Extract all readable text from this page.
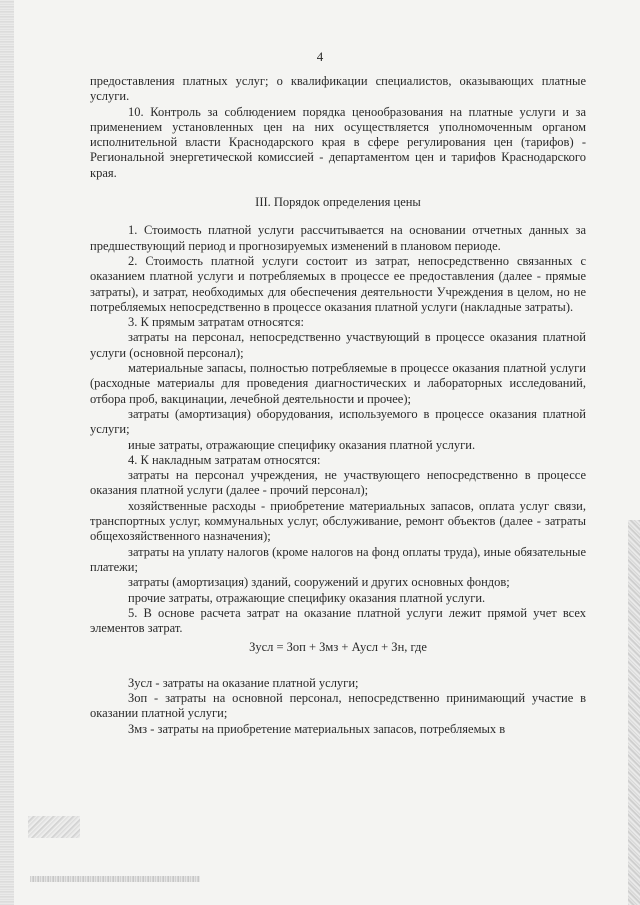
4

предоставления платных услуг; о квалификации специалистов, оказывающих платные услуги.

10. Контроль за соблюдением порядка ценообразования на платные услуги и за применением установленных цен на них осуществляется уполномоченным органом исполнительной власти Краснодарского края в сфере регулирования цен (тарифов) - Региональной энергетической комиссией - департаментом цен и тарифов Краснодарского края.

III. Порядок определения цены

1. Стоимость платной услуги рассчитывается на основании отчетных данных за предшествующий период и прогнозируемых изменений в плановом периоде.

2. Стоимость платной услуги состоит из затрат, непосредственно связанных с оказанием платной услуги и потребляемых в процессе ее предоставления (далее - прямые затраты), и затрат, необходимых для обеспечения деятельности Учреждения в целом, но не потребляемых непосредственно в процессе оказания платной услуги (накладные затраты).

3. К прямым затратам относятся:

затраты на персонал, непосредственно участвующий в процессе оказания платной услуги (основной персонал);

материальные запасы, полностью потребляемые в процессе оказания платной услуги (расходные материалы для проведения диагностических и лабораторных исследований, отбора проб, вакцинации, лечебной деятельности и прочее);

затраты (амортизация) оборудования, используемого в процессе оказания платной услуги;

иные затраты, отражающие специфику оказания платной услуги.

4. К накладным затратам относятся:

затраты на персонал учреждения, не участвующего непосредственно в процессе оказания платной услуги (далее - прочий персонал);

хозяйственные расходы - приобретение материальных запасов, оплата услуг связи, транспортных услуг, коммунальных услуг, обслуживание, ремонт объектов (далее - затраты общехозяйственного назначения);

затраты на уплату налогов (кроме налогов на фонд оплаты труда), иные обязательные платежи;

затраты (амортизация) зданий, сооружений и других основных фондов;

прочие затраты, отражающие специфику оказания платной услуги.

5. В основе расчета затрат на оказание платной услуги лежит прямой учет всех элементов затрат.

Зусл = Зоп + Змз + Аусл + Зн, где

Зусл - затраты на оказание платной услуги;

Зоп - затраты на основной персонал, непосредственно принимающий участие в оказании платной услуги;

Змз - затраты на приобретение материальных запасов, потребляемых в
